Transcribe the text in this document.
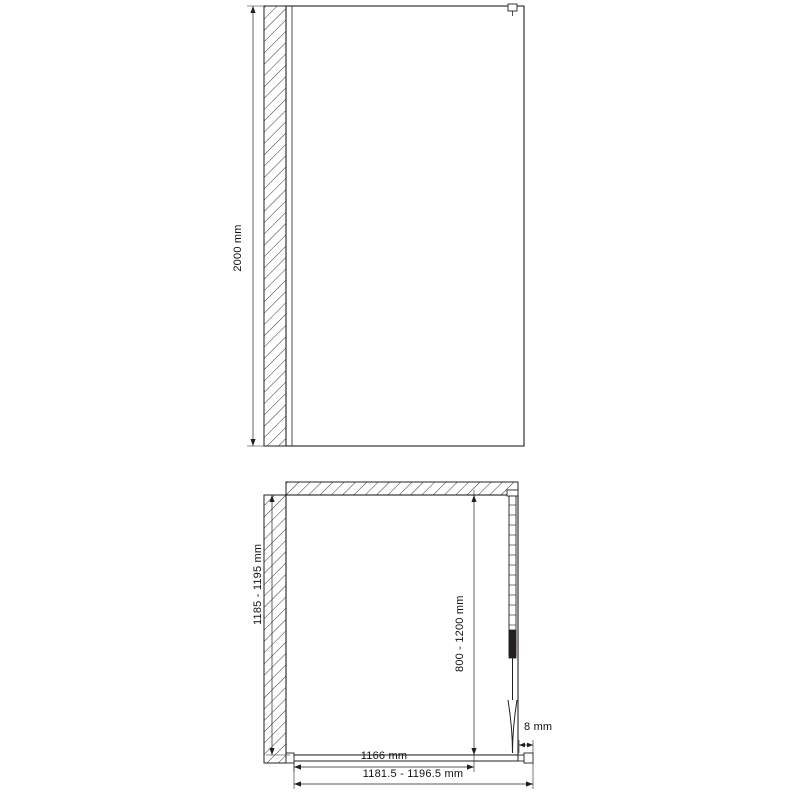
2000 mm
1185 - 1195 mm
800 - 1200 mm
8 mm
1166 mm
1181.5 - 1196.5 mm
